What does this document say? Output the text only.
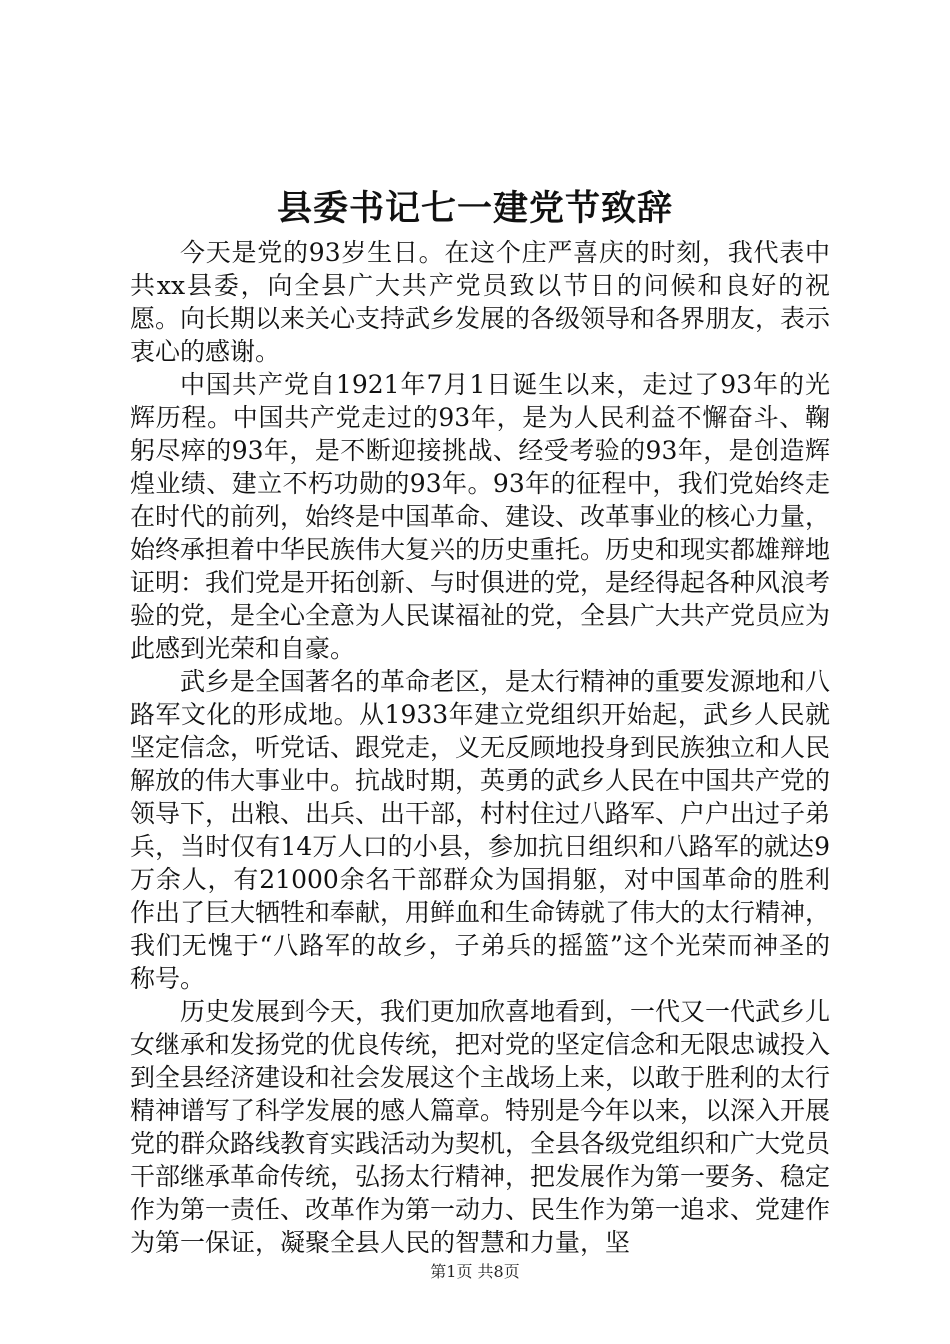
县委书记七一建党节致辞

今天是党的93岁生日。在这个庄严喜庆的时刻，我代表中共xx县委，向全县广大共产党员致以节日的问候和良好的祝愿。向长期以来关心支持武乡发展的各级领导和各界朋友，表示衷心的感谢。

中国共产党自1921年7月1日诞生以来，走过了93年的光辉历程。中国共产党走过的93年，是为人民利益不懈奋斗、鞠躬尽瘁的93年，是不断迎接挑战、经受考验的93年，是创造辉煌业绩、建立不朽功勋的93年。93年的征程中，我们党始终走在时代的前列，始终是中国革命、建设、改革事业的核心力量，始终承担着中华民族伟大复兴的历史重托。历史和现实都雄辩地证明：我们党是开拓创新、与时俱进的党，是经得起各种风浪考验的党，是全心全意为人民谋福祉的党，全县广大共产党员应为此感到光荣和自豪。

武乡是全国著名的革命老区，是太行精神的重要发源地和八路军文化的形成地。从1933年建立党组织开始起，武乡人民就坚定信念，听党话、跟党走，义无反顾地投身到民族独立和人民解放的伟大事业中。抗战时期，英勇的武乡人民在中国共产党的领导下，出粮、出兵、出干部，村村住过八路军、户户出过子弟兵，当时仅有14万人口的小县，参加抗日组织和八路军的就达9万余人，有21000余名干部群众为国捐躯，对中国革命的胜利作出了巨大牺牲和奉献，用鲜血和生命铸就了伟大的太行精神，我们无愧于“八路军的故乡，子弟兵的摇篮”这个光荣而神圣的称号。

历史发展到今天，我们更加欣喜地看到，一代又一代武乡儿女继承和发扬党的优良传统，把对党的坚定信念和无限忠诚投入到全县经济建设和社会发展这个主战场上来，以敢于胜利的太行精神谱写了科学发展的感人篇章。特别是今年以来，以深入开展党的群众路线教育实践活动为契机，全县各级党组织和广大党员干部继承革命传统，弘扬太行精神，把发展作为第一要务、稳定作为第一责任、改革作为第一动力、民生作为第一追求、党建作为第一保证，凝聚全县人民的智慧和力量，坚

第1页 共8页
